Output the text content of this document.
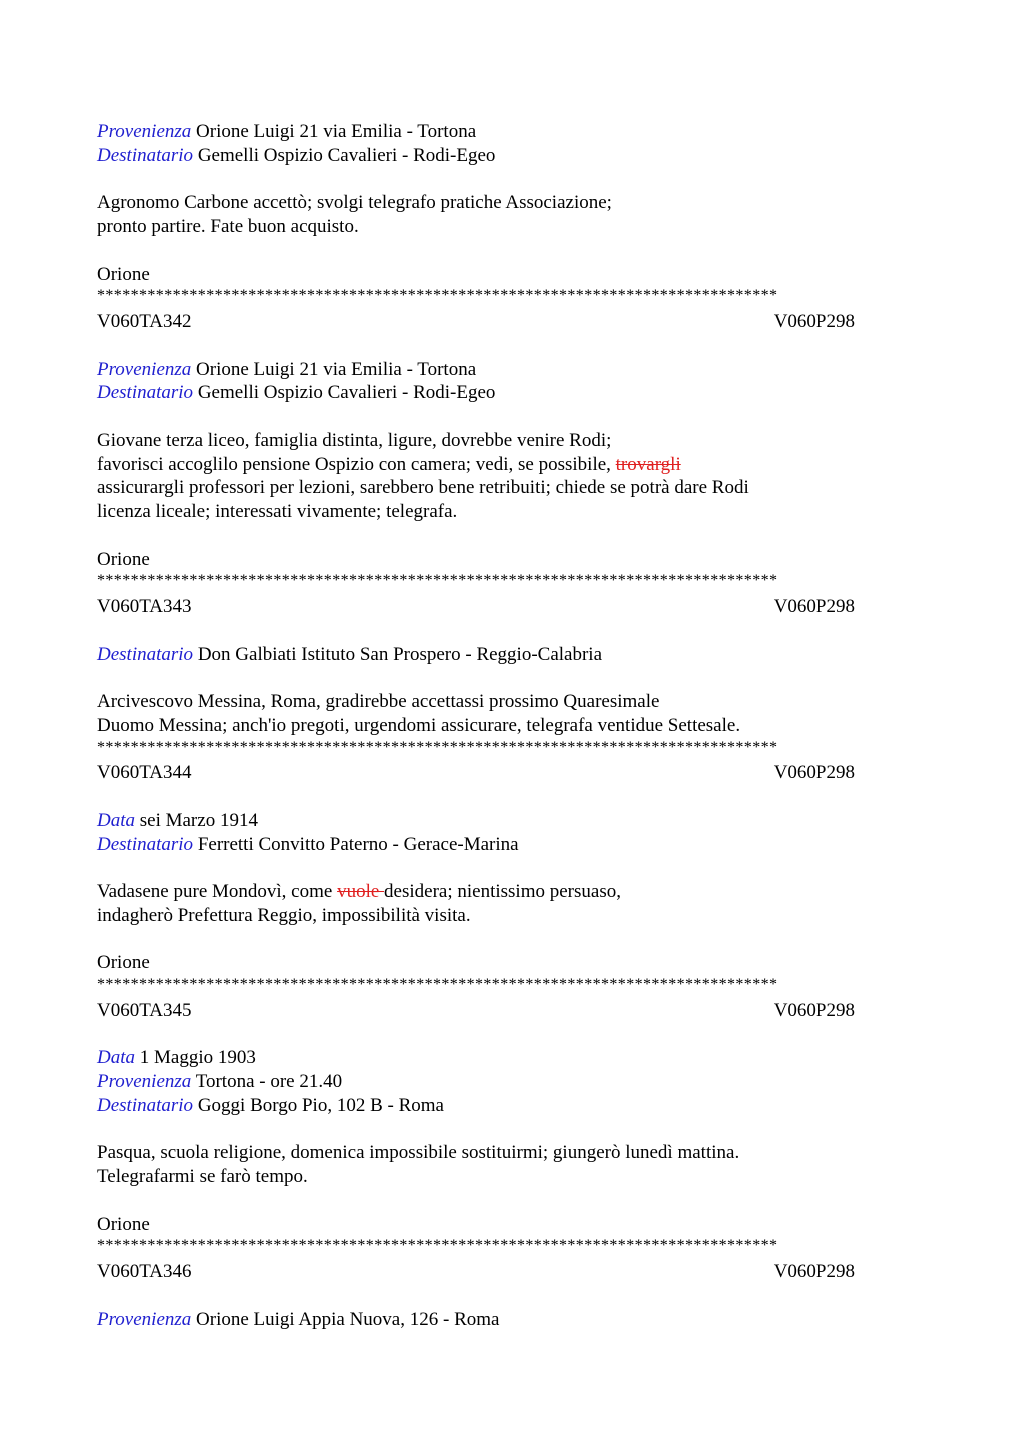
Provenienza Orione Luigi 21 via Emilia - Tortona
Destinatario Gemelli Ospizio Cavalieri - Rodi-Egeo
Agronomo Carbone accettò; svolgi telegrafo pratiche Associazione;
pronto partire. Fate buon acquisto.
Orione
*********************************************************************************
V060TA342	V060P298
Provenienza Orione Luigi 21 via Emilia - Tortona
Destinatario Gemelli Ospizio Cavalieri - Rodi-Egeo
Giovane terza liceo, famiglia distinta, ligure, dovrebbe venire Rodi;
favorisci accoglilo pensione Ospizio con camera; vedi, se possibile, trovargli
assicurargli professori per lezioni, sarebbero bene retribuiti; chiede se potrà dare Rodi
licenza liceale; interessati vivamente; telegrafa.
Orione
*********************************************************************************
V060TA343	V060P298
Destinatario Don Galbiati Istituto San Prospero - Reggio-Calabria
Arcivescovo Messina, Roma, gradirebbe accettassi prossimo Quaresimale
Duomo Messina; anch'io pregoti, urgendomi assicurare, telegrafa ventidue Settesale.
*********************************************************************************
V060TA344	V060P298
Data sei Marzo 1914
Destinatario Ferretti Convitto Paterno - Gerace-Marina
Vadasene pure Mondovì, come vuole desidera; nientissimo persuaso,
indagherò Prefettura Reggio, impossibilità visita.
Orione
*********************************************************************************
V060TA345	V060P298
Data 1 Maggio 1903
Provenienza Tortona - ore 21.40
Destinatario Goggi Borgo Pio, 102 B - Roma
Pasqua, scuola religione, domenica impossibile sostituirmi; giungerò lunedì mattina.
Telegrafarmi se farò tempo.
Orione
*********************************************************************************
V060TA346	V060P298
Provenienza Orione Luigi Appia Nuova, 126 - Roma
